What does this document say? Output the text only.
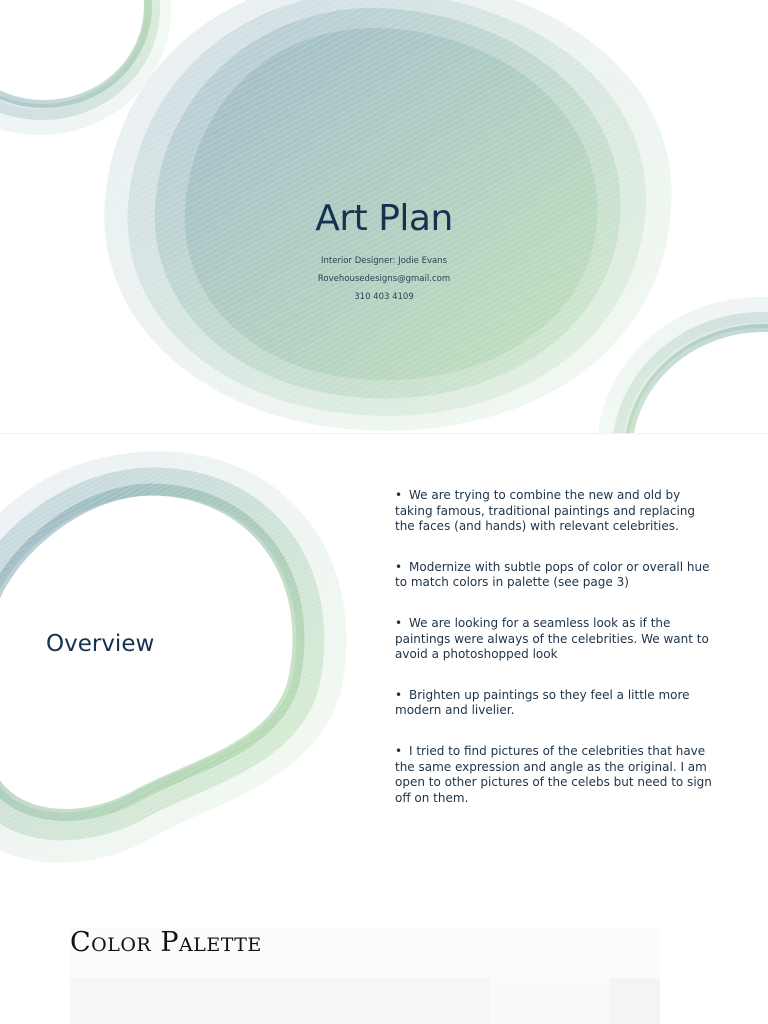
Art Plan
Interior Designer: Jodie Evans
Rovehousedesigns@gmail.com
310 403 4109
Overview
• We are trying to combine the new and old by taking famous, traditional paintings and replacing the faces (and hands) with relevant celebrities.
• Modernize with subtle pops of color or overall hue to match colors in palette (see page 3)
• We are looking for a seamless look as if the paintings were always of the celebrities. We want to avoid a photoshopped look
• Brighten up paintings so they feel a little more modern and livelier.
• I tried to find pictures of the celebrities that have the same expression and angle as the original. I am open to other pictures of the celebs but need to sign off on them.
Color Palette
